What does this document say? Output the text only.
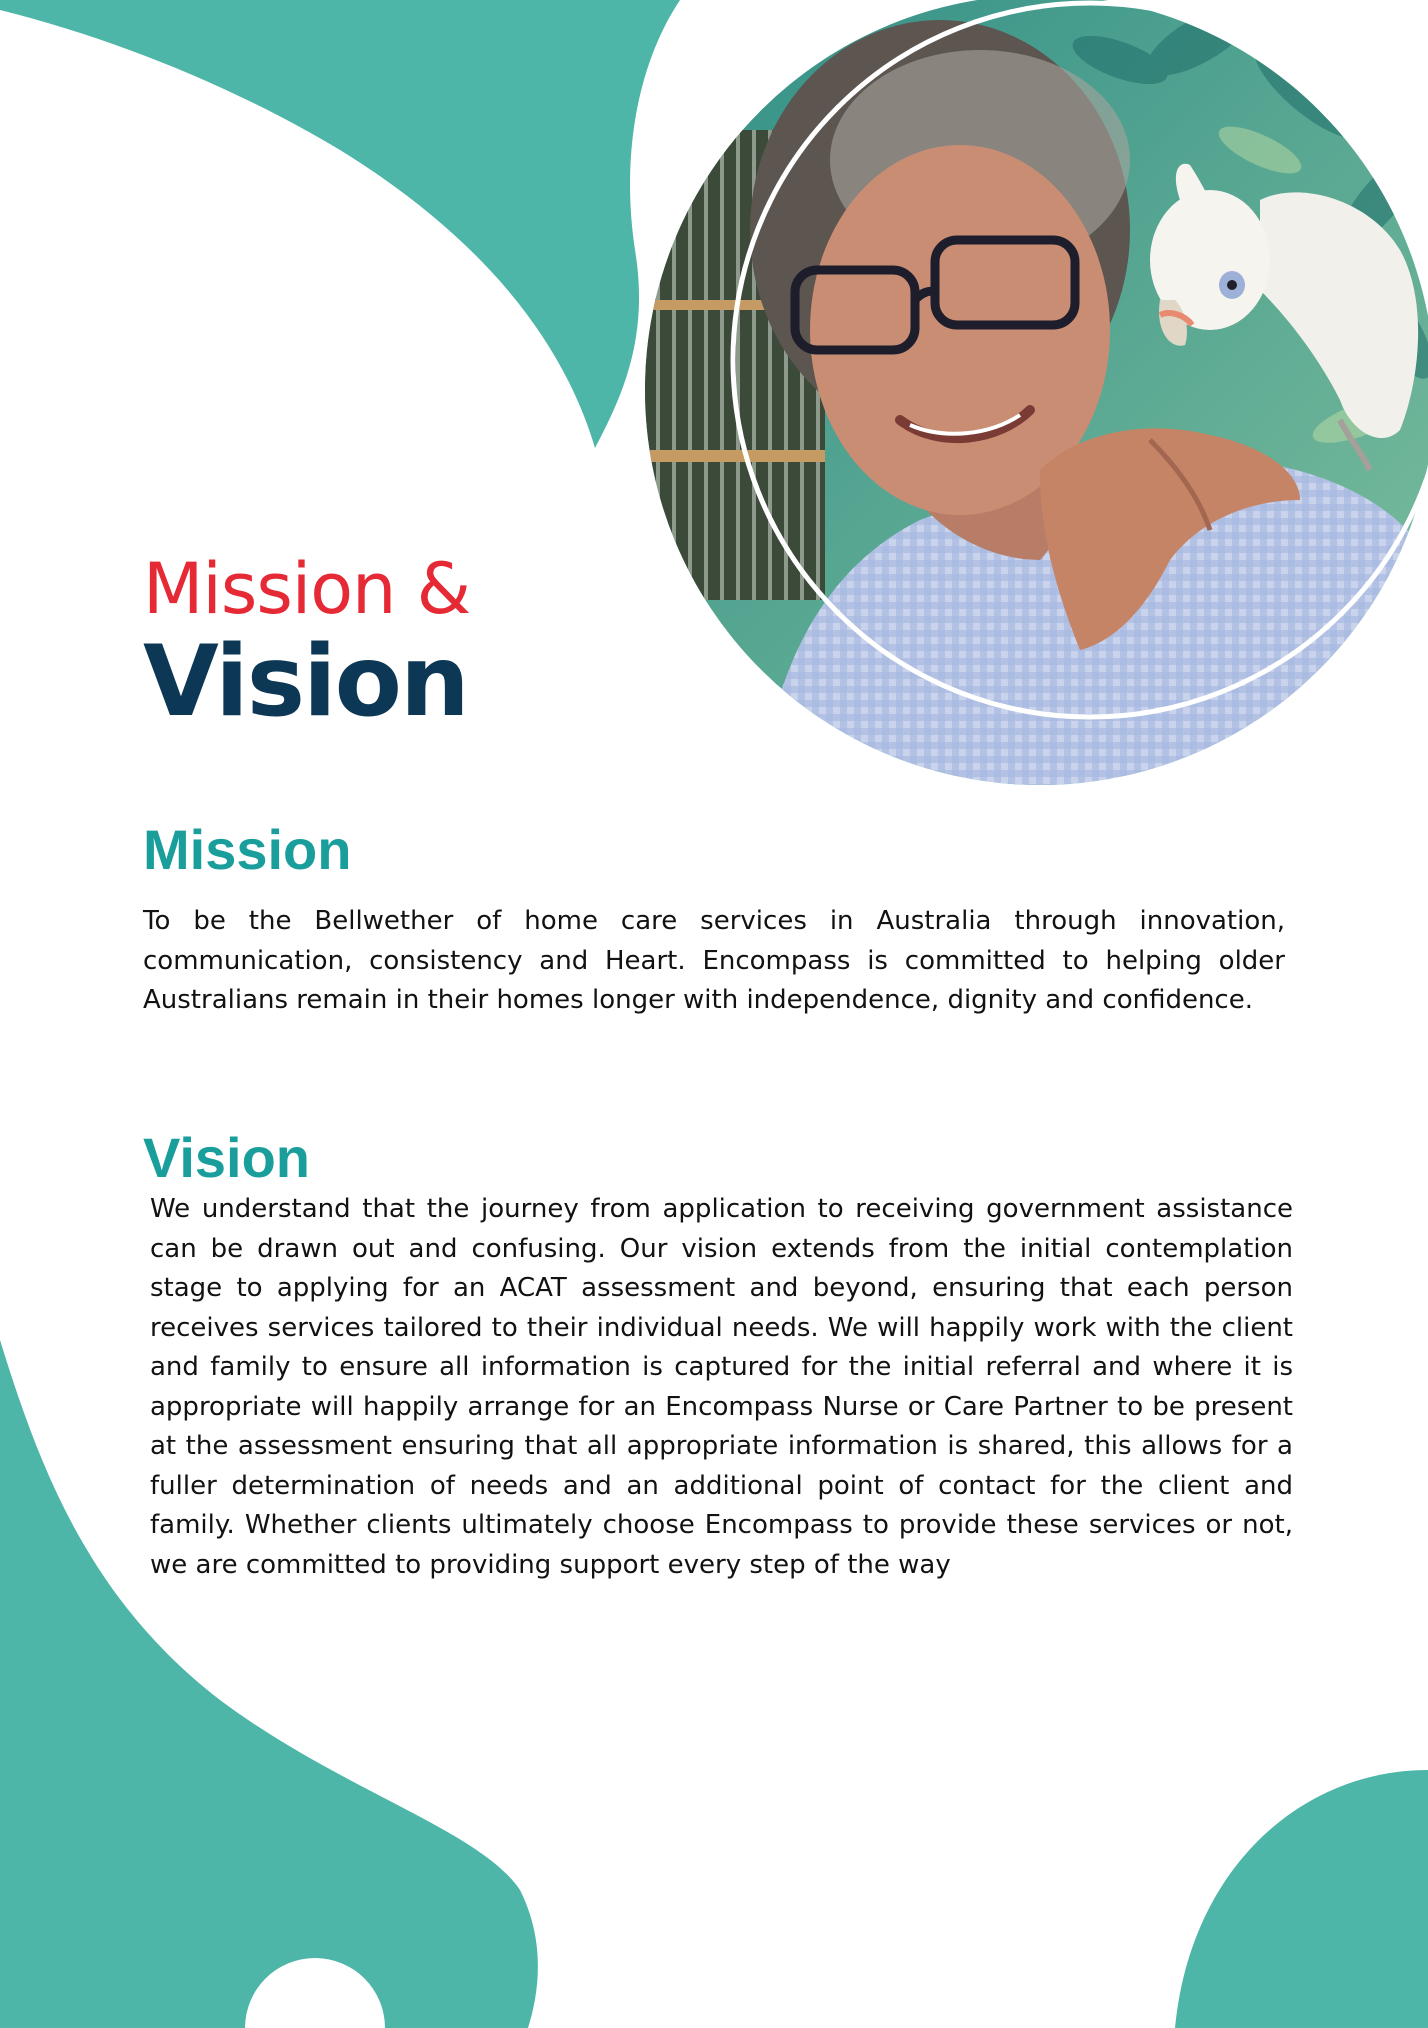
Mission &
Vision
Mission

To be the Bellwether of home care services in Australia through innovation, communication, consistency and Heart. Encompass is committed to helping older Australians remain in their homes longer with independence, dignity and confidence.

Vision

We understand that the journey from application to receiving government assistance can be drawn out and confusing. Our vision extends from the initial contemplation stage to applying for an ACAT assessment and beyond, ensuring that each person receives services tailored to their individual needs. We will happily work with the client and family to ensure all information is captured for the initial referral and where it is appropriate will happily arrange for an Encompass Nurse or Care Partner to be present at the assessment ensuring that all appropriate information is shared, this allows for a fuller determination of needs and an additional point of contact for the client and family. Whether clients ultimately choose Encompass to provide these services or not, we are committed to providing support every step of the way
